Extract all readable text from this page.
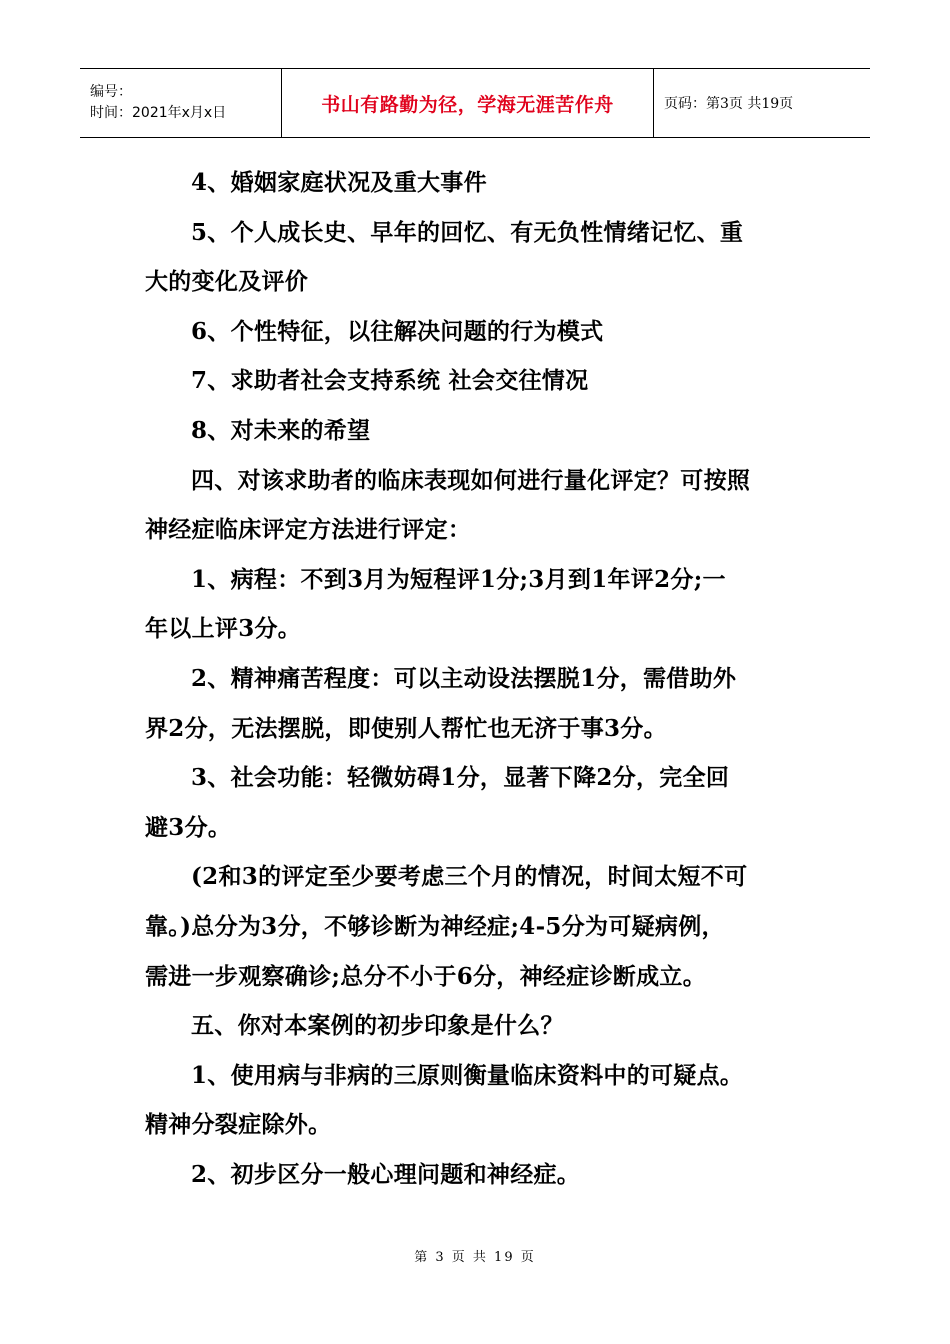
编号：
时间：2021年x月x日	书山有路勤为径，学海无涯苦作舟	页码：第3页 共19页

4、婚姻家庭状况及重大事件

5、个人成长史、早年的回忆、有无负性情绪记忆、重

大的变化及评价

6、个性特征，以往解决问题的行为模式

7、求助者社会支持系统 社会交往情况

8、对未来的希望

四、对该求助者的临床表现如何进行量化评定？可按照

神经症临床评定方法进行评定：

1、病程：不到3月为短程评1分;3月到1年评2分;一

年以上评3分。

2、精神痛苦程度：可以主动设法摆脱1分，需借助外

界2分，无法摆脱，即使别人帮忙也无济于事3分。

3、社会功能：轻微妨碍1分，显著下降2分，完全回

避3分。

(2和3的评定至少要考虑三个月的情况，时间太短不可

靠。)总分为3分，不够诊断为神经症;4-5分为可疑病例，

需进一步观察确诊;总分不小于6分，神经症诊断成立。

五、你对本案例的初步印象是什么？

1、使用病与非病的三原则衡量临床资料中的可疑点。

精神分裂症除外。

2、初步区分一般心理问题和神经症。

第 3 页 共 19 页
